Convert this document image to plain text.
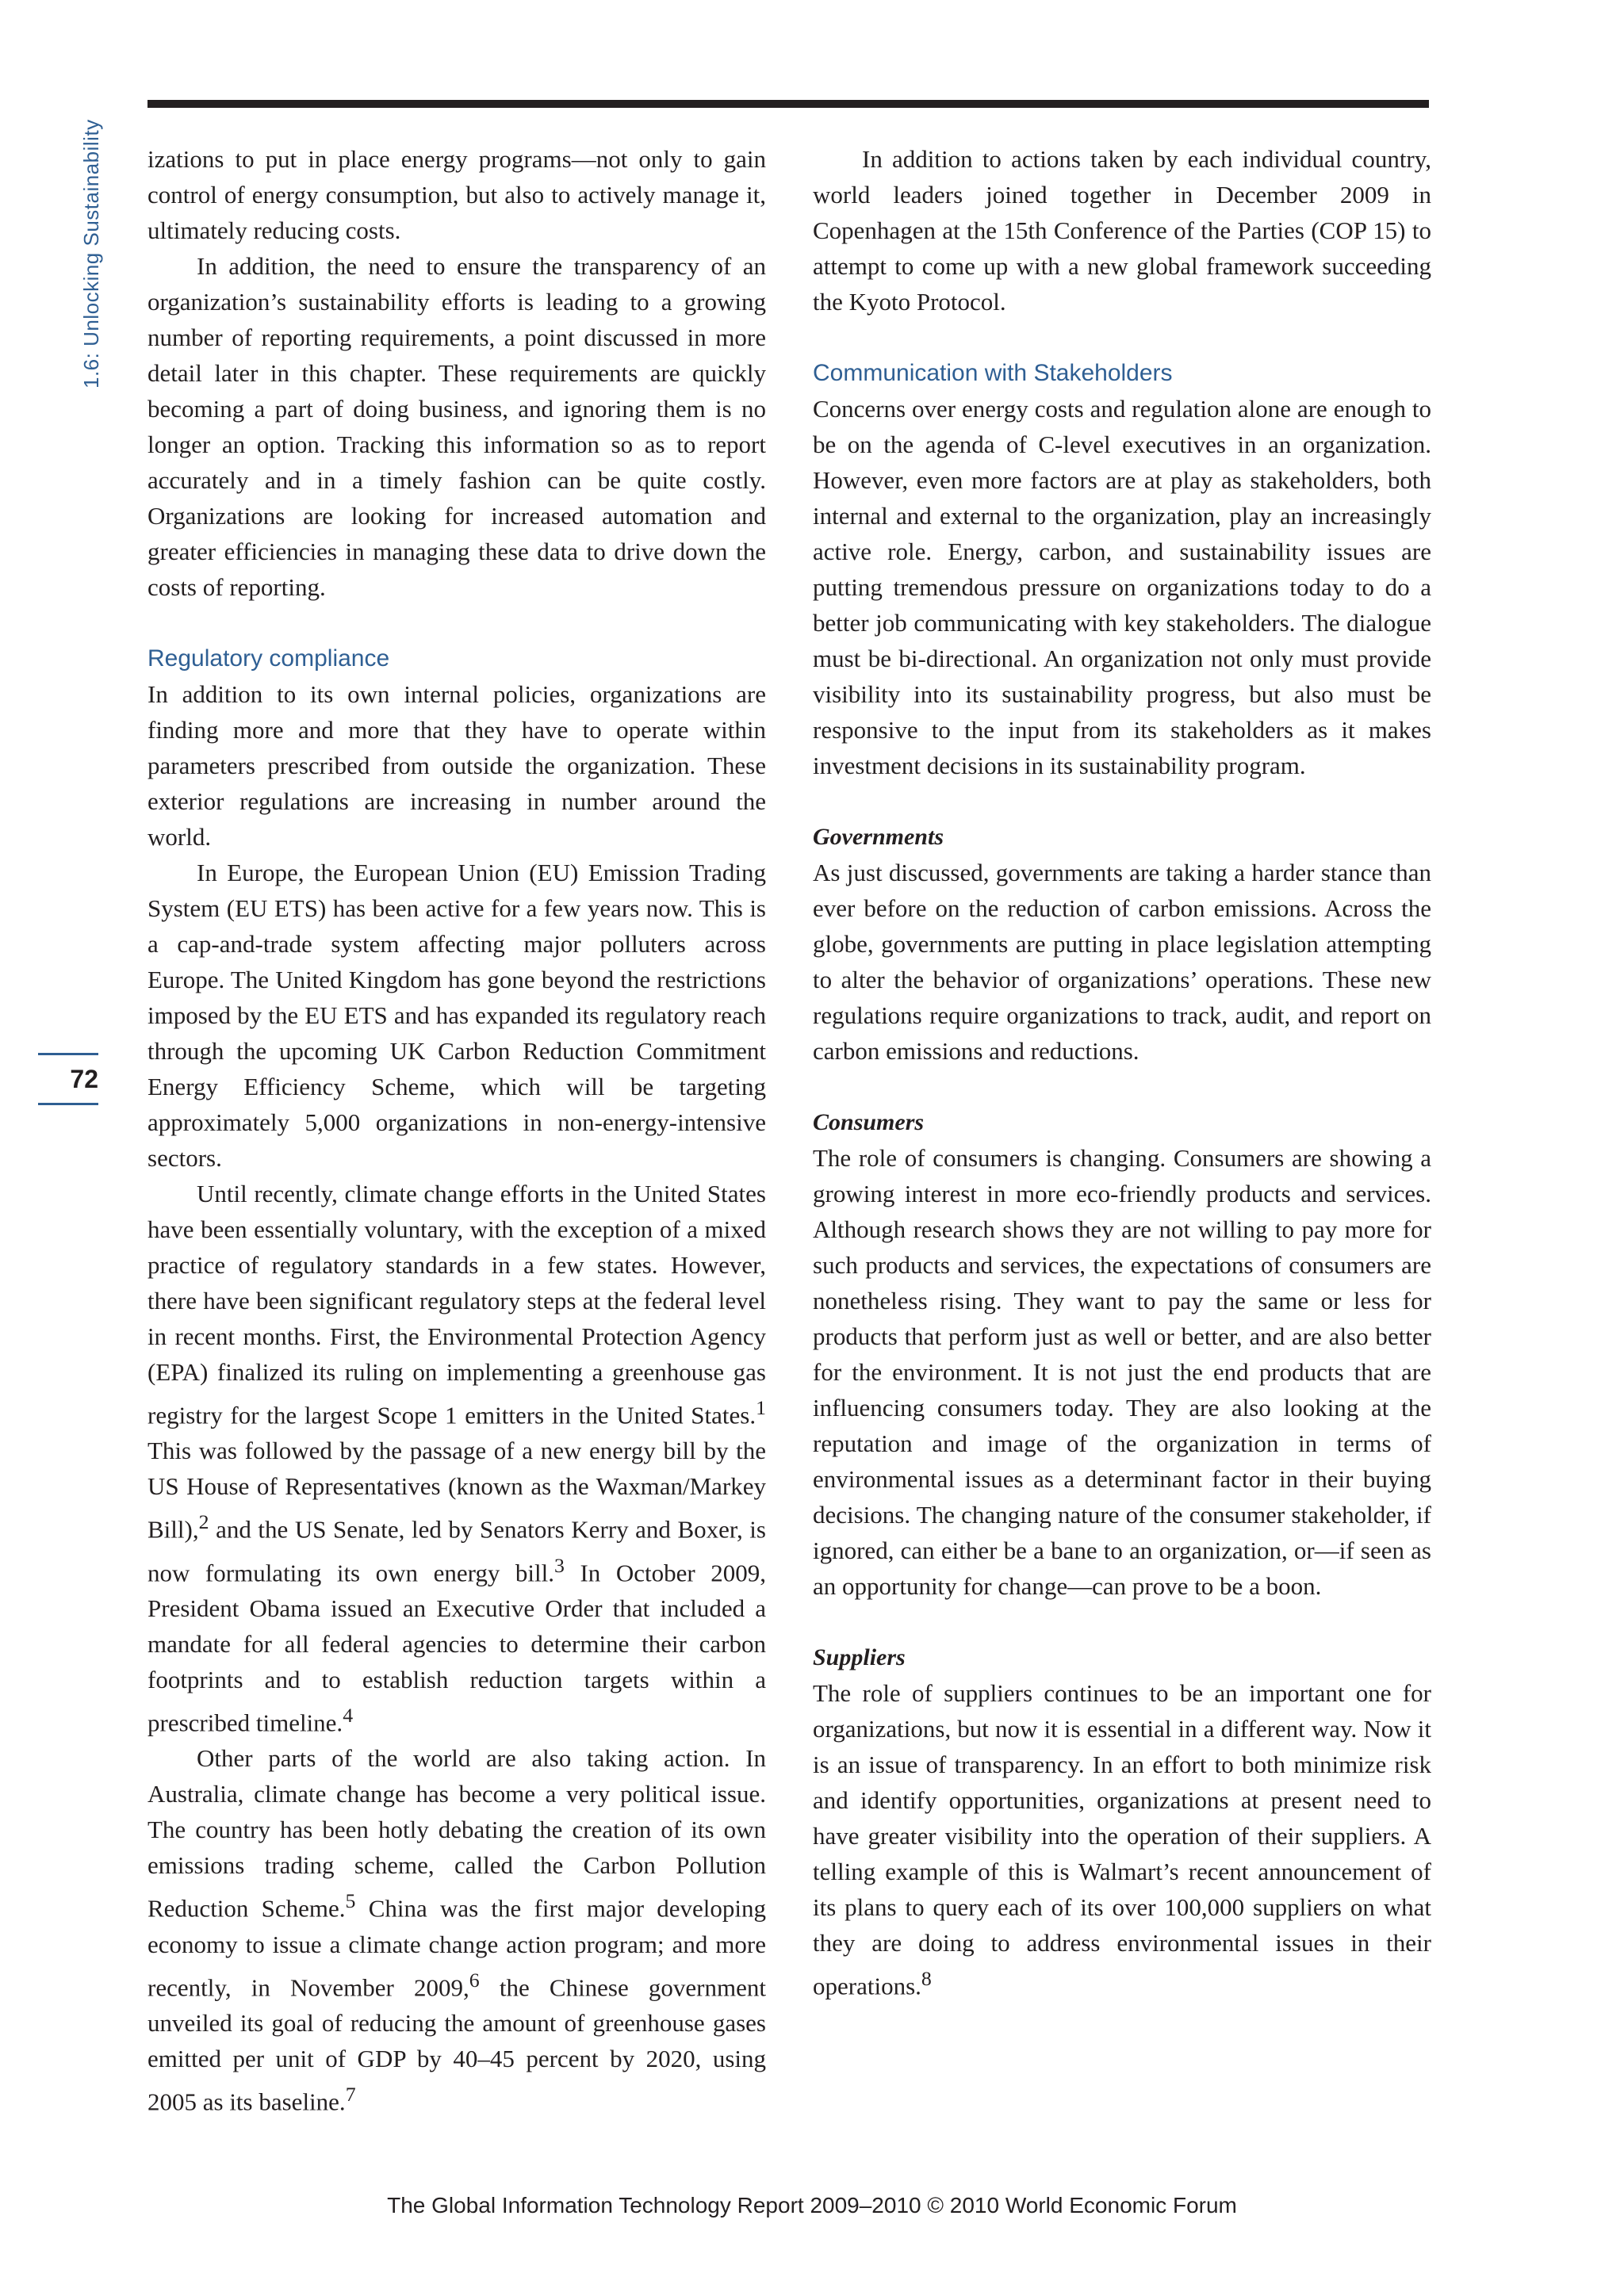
1.6: Unlocking Sustainability
72

izations to put in place energy programs—not only to gain control of energy consumption, but also to actively manage it, ultimately reducing costs.

In addition, the need to ensure the transparency of an organization’s sustainability efforts is leading to a growing number of reporting requirements, a point discussed in more detail later in this chapter. These requirements are quickly becoming a part of doing business, and ignoring them is no longer an option. Tracking this information so as to report accurately and in a timely fashion can be quite costly. Organizations are looking for increased automation and greater efficiencies in managing these data to drive down the costs of reporting.

Regulatory compliance

In addition to its own internal policies, organizations are finding more and more that they have to operate within parameters prescribed from outside the organization. These exterior regulations are increasing in number around the world.

In Europe, the European Union (EU) Emission Trading System (EU ETS) has been active for a few years now. This is a cap-and-trade system affecting major polluters across Europe. The United Kingdom has gone beyond the restrictions imposed by the EU ETS and has expanded its regulatory reach through the upcoming UK Carbon Reduction Commitment Energy Efficiency Scheme, which will be targeting approximately 5,000 organizations in non-energy-intensive sectors.

Until recently, climate change efforts in the United States have been essentially voluntary, with the exception of a mixed practice of regulatory standards in a few states. However, there have been significant regulatory steps at the federal level in recent months. First, the Environmental Protection Agency (EPA) finalized its ruling on implementing a greenhouse gas registry for the largest Scope 1 emitters in the United States.$^1$ This was followed by the passage of a new energy bill by the US House of Representatives (known as the Waxman/Markey Bill),$^2$ and the US Senate, led by Senators Kerry and Boxer, is now formulating its own energy bill.$^3$ In October 2009, President Obama issued an Executive Order that included a mandate for all federal agencies to determine their carbon footprints and to establish reduction targets within a prescribed timeline.$^4$

Other parts of the world are also taking action. In Australia, climate change has become a very political issue. The country has been hotly debating the creation of its own emissions trading scheme, called the Carbon Pollution Reduction Scheme.$^5$ China was the first major developing economy to issue a climate change action program; and more recently, in November 2009,$^6$ the Chinese government unveiled its goal of reducing the amount of greenhouse gases emitted per unit of GDP by 40–45 percent by 2020, using 2005 as its baseline.$^7$

In addition to actions taken by each individual country, world leaders joined together in December 2009 in Copenhagen at the 15th Conference of the Parties (COP 15) to attempt to come up with a new global framework succeeding the Kyoto Protocol.

Communication with Stakeholders

Concerns over energy costs and regulation alone are enough to be on the agenda of C-level executives in an organization. However, even more factors are at play as stakeholders, both internal and external to the organization, play an increasingly active role. Energy, carbon, and sustainability issues are putting tremendous pressure on organizations today to do a better job communicating with key stakeholders. The dialogue must be bi-directional. An organization not only must provide visibility into its sustainability progress, but also must be responsive to the input from its stakeholders as it makes investment decisions in its sustainability program.

Governments

As just discussed, governments are taking a harder stance than ever before on the reduction of carbon emissions. Across the globe, governments are putting in place legislation attempting to alter the behavior of organizations’ operations. These new regulations require organizations to track, audit, and report on carbon emissions and reductions.

Consumers

The role of consumers is changing. Consumers are showing a growing interest in more eco-friendly products and services. Although research shows they are not willing to pay more for such products and services, the expectations of consumers are nonetheless rising. They want to pay the same or less for products that perform just as well or better, and are also better for the environment. It is not just the end products that are influencing consumers today. They are also looking at the reputation and image of the organization in terms of environmental issues as a determinant factor in their buying decisions. The changing nature of the consumer stakeholder, if ignored, can either be a bane to an organization, or—if seen as an opportunity for change—can prove to be a boon.

Suppliers

The role of suppliers continues to be an important one for organizations, but now it is essential in a different way. Now it is an issue of transparency. In an effort to both minimize risk and identify opportunities, organizations at present need to have greater visibility into the operation of their suppliers. A telling example of this is Walmart’s recent announcement of its plans to query each of its over 100,000 suppliers on what they are doing to address environmental issues in their operations.$^8$

The Global Information Technology Report 2009–2010 © 2010 World Economic Forum
